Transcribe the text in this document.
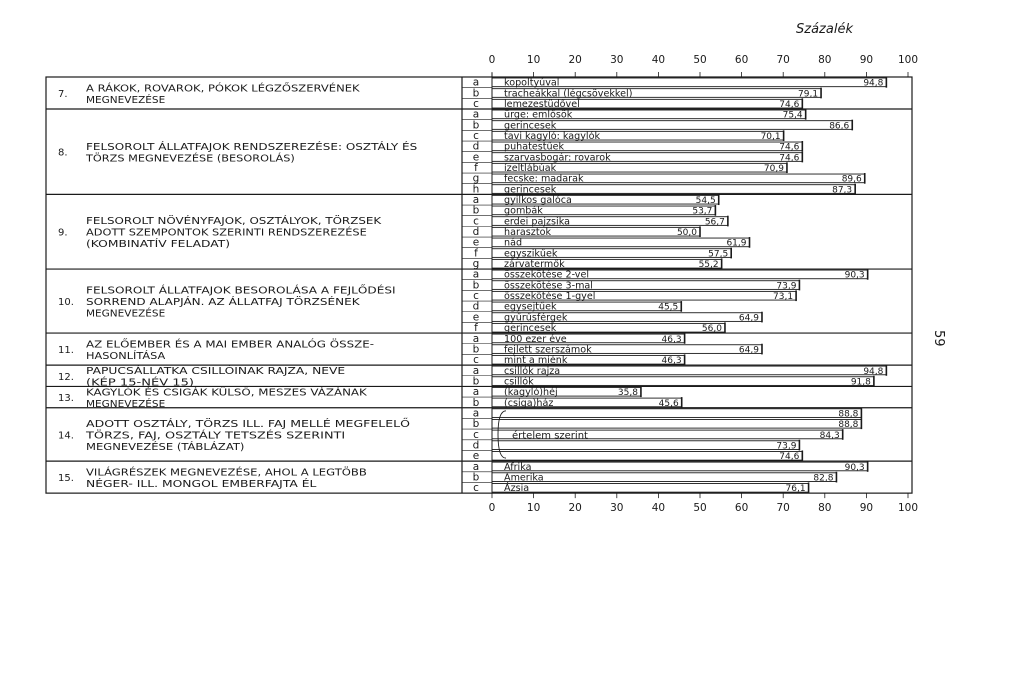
Százalék
59
0
0
10
10
20
20
30
30
40
40
50
50
60
60
70
70
80
80
90
90
100
100
7.
A RÁKOK, ROVAROK, PÓKOK LÉGZŐSZERVÉNEK
MEGNEVEZÉSE
a	kopoltyúval	94,8
b	tracheákkal (légcsövekkel)	79,1
c	lemezestüdővel	74,6
8.
FELSOROLT ÁLLATFAJOK RENDSZEREZÉSE: OSZTÁLY ÉS
TÖRZS MEGNEVEZÉSE (BESOROLÁS)
a	ürge: emlősök	75,4
b	gerincesek	86,6
c	tavi kagyló: kagylók	70,1
d	puhatestűek	74,6
e	szarvasbogár: rovarok	74,6
f	ízeltlábúak	70,9
g	fecske: madarak	89,6
h	gerincesek	87,3
9.
FELSOROLT NÖVÉNYFAJOK, OSZTÁLYOK, TÖRZSEK
ADOTT SZEMPONTOK SZERINTI RENDSZEREZÉSE
(KOMBINATÍV FELADAT)
a	gyilkos galóca	54,5
b	gombák	53,7
c	erdei pajzsika	56,7
d	harasztok	50,0
e	nád	61,9
f	egyszikűek	57,5
g	zárvatermők	55,2
10.
FELSOROLT ÁLLATFAJOK BESOROLÁSA A FEJLŐDÉSI
SORREND ALAPJÁN. AZ ÁLLATFAJ TÖRZSÉNEK
MEGNEVEZÉSE
a	összekötése 2-vel	90,3
b	összekötése 3-mal	73,9
c	összekötése 1-gyel	73,1
d	egysejtűek	45,5
e	gyűrűsférgek	64,9
f	gerincesek	56,0
11.
AZ ELŐEMBER ÉS A MAI EMBER ANALÓG ÖSSZE-
HASONLÍTÁSA
a	100 ezer éve	46,3
b	fejlett szerszámok	64,9
c	mint a miénk	46,3
12.
PAPUCSÁLLATKA CSILLÓINAK RAJZA, NEVE
(KÉP 15-NÉV 15)
a	csillók rajza	94,8
b	csillók	91,8
13.
KAGYLÓK ÉS CSIGÁK KÜLSŐ, MESZES VÁZÁNAK
MEGNEVEZÉSE
a	(kagyló)héj	35,8
b	(csiga)ház	45,6
14.
ADOTT OSZTÁLY, TÖRZS ILL. FAJ MELLÉ MEGFELELŐ
TÖRZS, FAJ, OSZTÁLY TETSZÉS SZERINTI
MEGNEVEZÉSE (TÁBLÁZAT)
értelem szerint
a	88,8
b	88,8
c	84,3
d	73,9
e	74,6
15.
VILÁGRÉSZEK MEGNEVEZÉSE, AHOL A LEGTÖBB
NÉGER- ILL. MONGOL EMBERFAJTA ÉL
a	Afrika	90,3
b	Amerika	82,8
c	Ázsia	76,1
